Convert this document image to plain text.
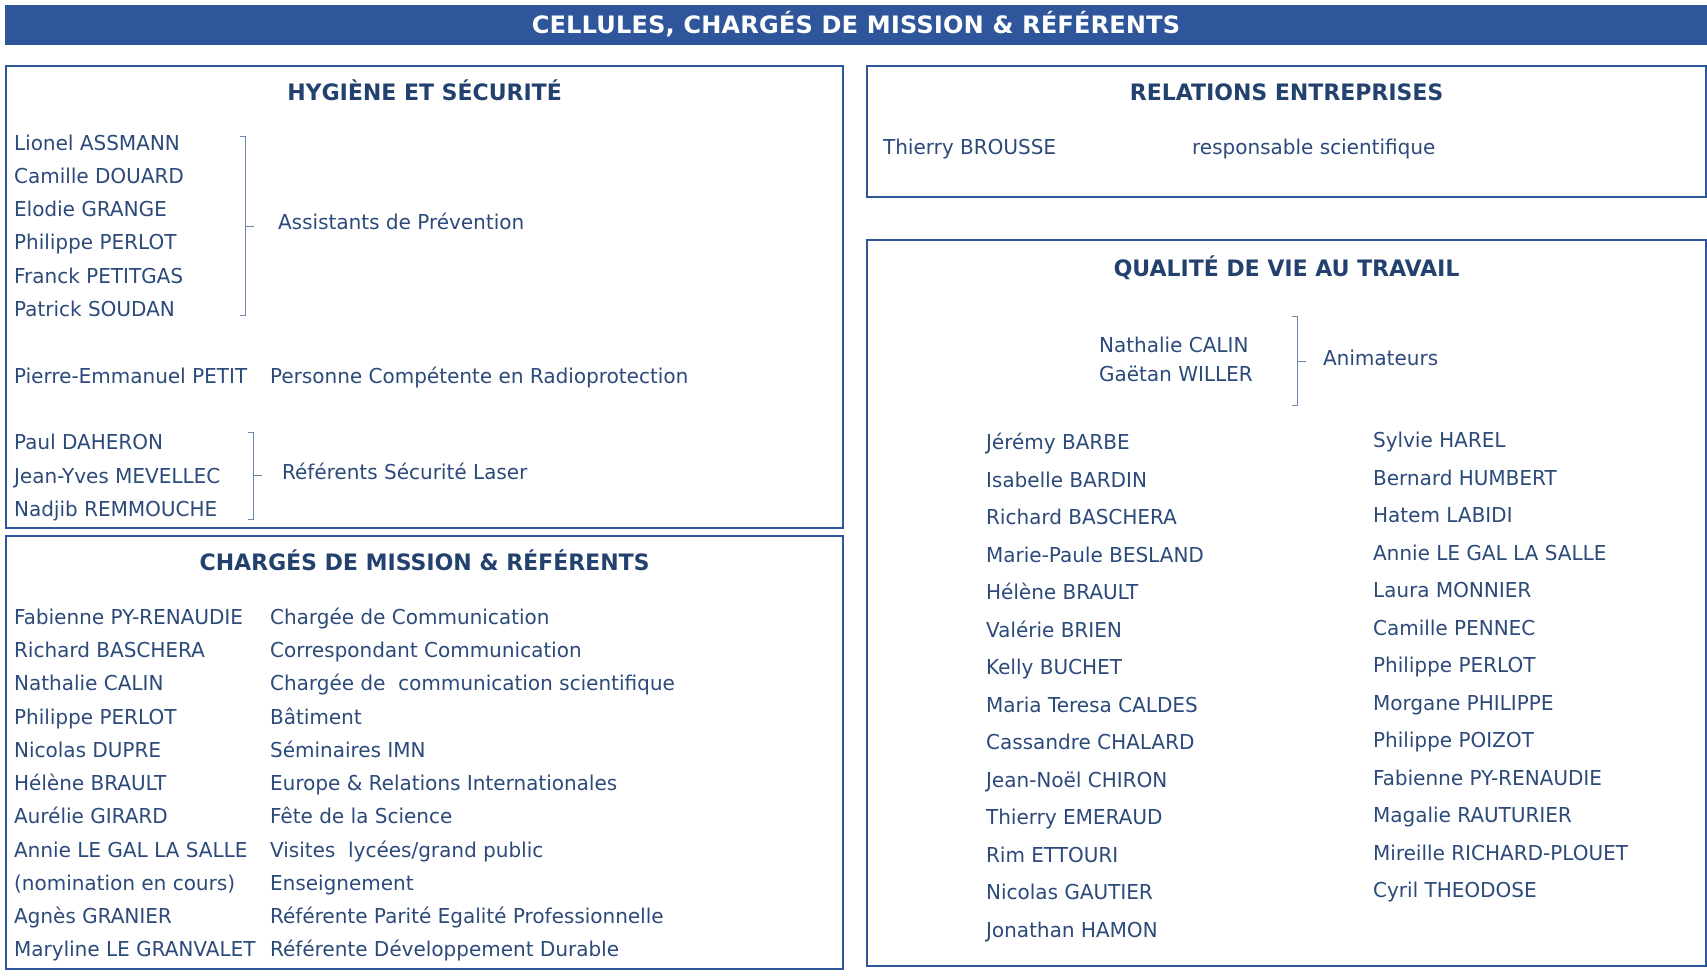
CELLULES, CHARGÉS DE MISSION & RÉFÉRENTS
HYGIÈNE ET SÉCURITÉ
Lionel ASSMANN
Camille DOUARD
Elodie GRANGE
Philippe PERLOT
Franck PETITGAS
Patrick SOUDAN
Assistants de Prévention
Pierre-Emmanuel PETIT Personne Compétente en Radioprotection
Paul DAHERON
Jean-Yves MEVELLEC
Nadjib REMMOUCHE
Référents Sécurité Laser
CHARGÉS DE MISSION & RÉFÉRENTS
Fabienne PY-RENAUDIE
Richard BASCHERA
Nathalie CALIN
Philippe PERLOT
Nicolas DUPRE
Hélène BRAULT
Aurélie GIRARD
Annie LE GAL LA SALLE
(nomination en cours)
Agnès GRANIER
Maryline LE GRANVALET
Chargée de Communication
Correspondant Communication
Chargée de  communication scientifique
Bâtiment
Séminaires IMN
Europe & Relations Internationales
Fête de la Science
Visites  lycées/grand public
Enseignement
Référente Parité Egalité Professionnelle
Référente Développement Durable
RELATIONS ENTREPRISES
Thierry BROUSSE	responsable scientifique
QUALITÉ DE VIE AU TRAVAIL
Nathalie CALIN
Gaëtan WILLER
Animateurs
Jérémy BARBE
Isabelle BARDIN
Richard BASCHERA
Marie-Paule BESLAND
Hélène BRAULT
Valérie BRIEN
Kelly BUCHET
Maria Teresa CALDES
Cassandre CHALARD
Jean-Noël CHIRON
Thierry EMERAUD
Rim ETTOURI
Nicolas GAUTIER
Jonathan HAMON
Sylvie HAREL
Bernard HUMBERT
Hatem LABIDI
Annie LE GAL LA SALLE
Laura MONNIER
Camille PENNEC
Philippe PERLOT
Morgane PHILIPPE
Philippe POIZOT
Fabienne PY-RENAUDIE
Magalie RAUTURIER
Mireille RICHARD-PLOUET
Cyril THEODOSE
